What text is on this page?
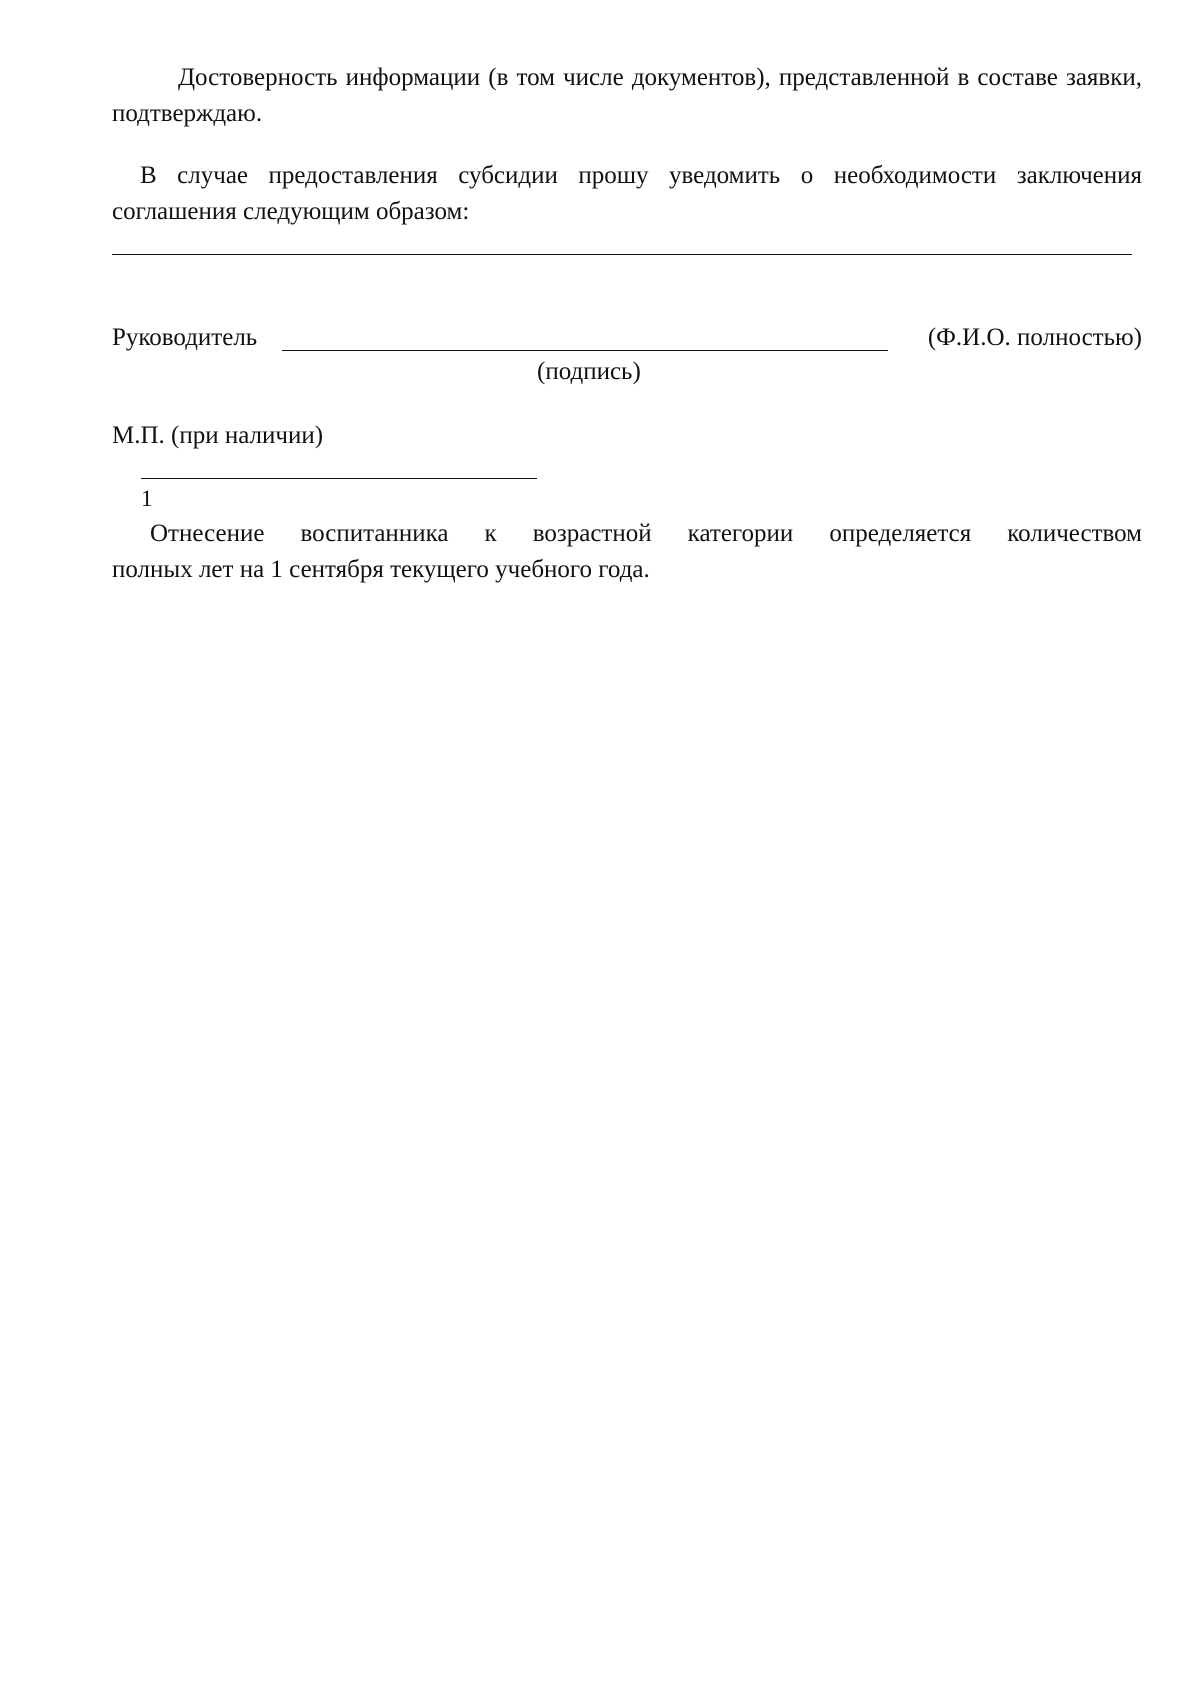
Достоверность информации (в том числе документов), представленной в составе заявки, подтверждаю.

В случае предоставления субсидии прошу уведомить о необходимости заключения соглашения следующим образом:

Руководитель	(Ф.И.О. полностью)
(подпись)
М.П. (при наличии)
1

Отнесение воспитанника к возрастной категории определяется количеством
полных лет на 1 сентября текущего учебного года.
